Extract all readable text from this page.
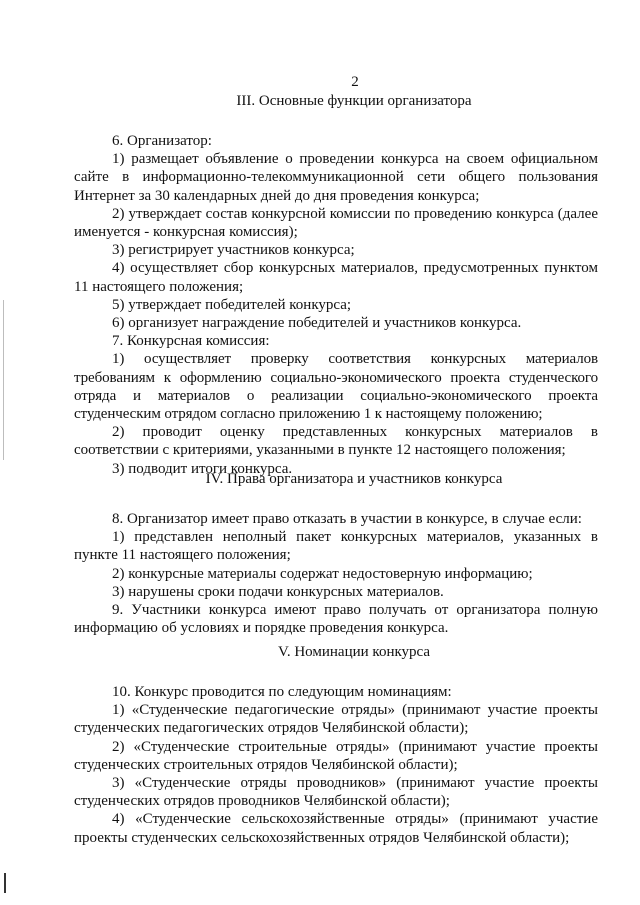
2

III. Основные функции организатора

6. Организатор:

1) размещает объявление о проведении конкурса на своем официальном сайте в информационно-телекоммуникационной сети общего пользования Интернет за 30 календарных дней до дня проведения конкурса;

2) утверждает состав конкурсной комиссии по проведению конкурса (далее именуется - конкурсная комиссия);

3) регистрирует участников конкурса;

4) осуществляет сбор конкурсных материалов, предусмотренных пунктом 11 настоящего положения;

5) утверждает победителей конкурса;

6) организует награждение победителей и участников конкурса.

7. Конкурсная комиссия:

1) осуществляет проверку соответствия конкурсных материалов требованиям к оформлению социально-экономического проекта студенческого отряда и материалов о реализации социально-экономического проекта студенческим отрядом согласно приложению 1 к настоящему положению;

2) проводит оценку представленных конкурсных материалов в соответствии с критериями, указанными в пункте 12 настоящего положения;

3) подводит итоги конкурса.

IV. Права организатора и участников конкурса

8. Организатор имеет право отказать в участии в конкурсе, в случае если:

1) представлен неполный пакет конкурсных материалов, указанных в пункте 11 настоящего положения;

2) конкурсные материалы содержат недостоверную информацию;

3) нарушены сроки подачи конкурсных материалов.

9. Участники конкурса имеют право получать от организатора полную информацию об условиях и порядке проведения конкурса.

V. Номинации конкурса

10. Конкурс проводится по следующим номинациям:

1) «Студенческие педагогические отряды» (принимают участие проекты студенческих педагогических отрядов Челябинской области);

2) «Студенческие строительные отряды» (принимают участие проекты студенческих строительных отрядов Челябинской области);

3) «Студенческие отряды проводников» (принимают участие проекты студенческих отрядов проводников Челябинской области);

4) «Студенческие сельскохозяйственные отряды» (принимают участие проекты студенческих сельскохозяйственных отрядов Челябинской области);
